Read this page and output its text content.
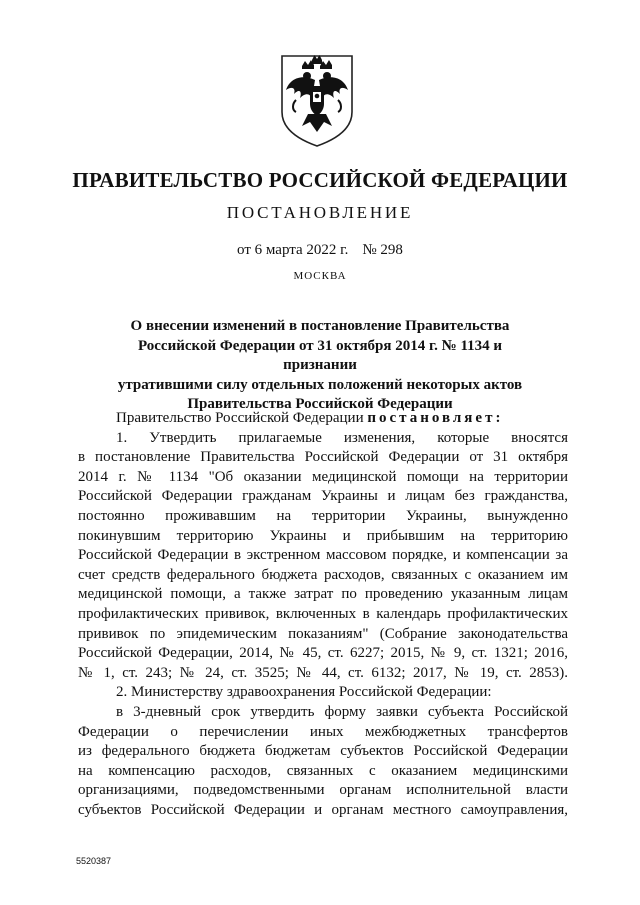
ПРАВИТЕЛЬСТВО РОССИЙСКОЙ ФЕДЕРАЦИИ
ПОСТАНОВЛЕНИЕ
от 6 марта 2022 г. № 298
МОСКВА
О внесении изменений в постановление Правительства
Российской Федерации от 31 октября 2014 г. № 1134 и признании
утратившими силу отдельных положений некоторых актов
Правительства Российской Федерации
Правительство Российской Федерации постановляет:
1. Утвердить прилагаемые изменения, которые вносятся
в постановление Правительства Российской Федерации от 31 октября
2014 г. № 1134 "Об оказании медицинской помощи на территории
Российской Федерации гражданам Украины и лицам без гражданства,
постоянно проживавшим на территории Украины, вынужденно
покинувшим территорию Украины и прибывшим на территорию
Российской Федерации в экстренном массовом порядке, и компенсации за
счет средств федерального бюджета расходов, связанных с оказанием им
медицинской помощи, а также затрат по проведению указанным лицам
профилактических прививок, включенных в календарь профилактических
прививок по эпидемическим показаниям" (Собрание законодательства
Российской Федерации, 2014, № 45, ст. 6227; 2015, № 9, ст. 1321; 2016,
№ 1, ст. 243; № 24, ст. 3525; № 44, ст. 6132; 2017, № 19, ст. 2853).
2. Министерству здравоохранения Российской Федерации:
в 3-дневный срок утвердить форму заявки субъекта Российской
Федерации о перечислении иных межбюджетных трансфертов
из федерального бюджета бюджетам субъектов Российской Федерации
на компенсацию расходов, связанных с оказанием медицинскими
организациями, подведомственными органам исполнительной власти
субъектов Российской Федерации и органам местного самоуправления,
5520387
